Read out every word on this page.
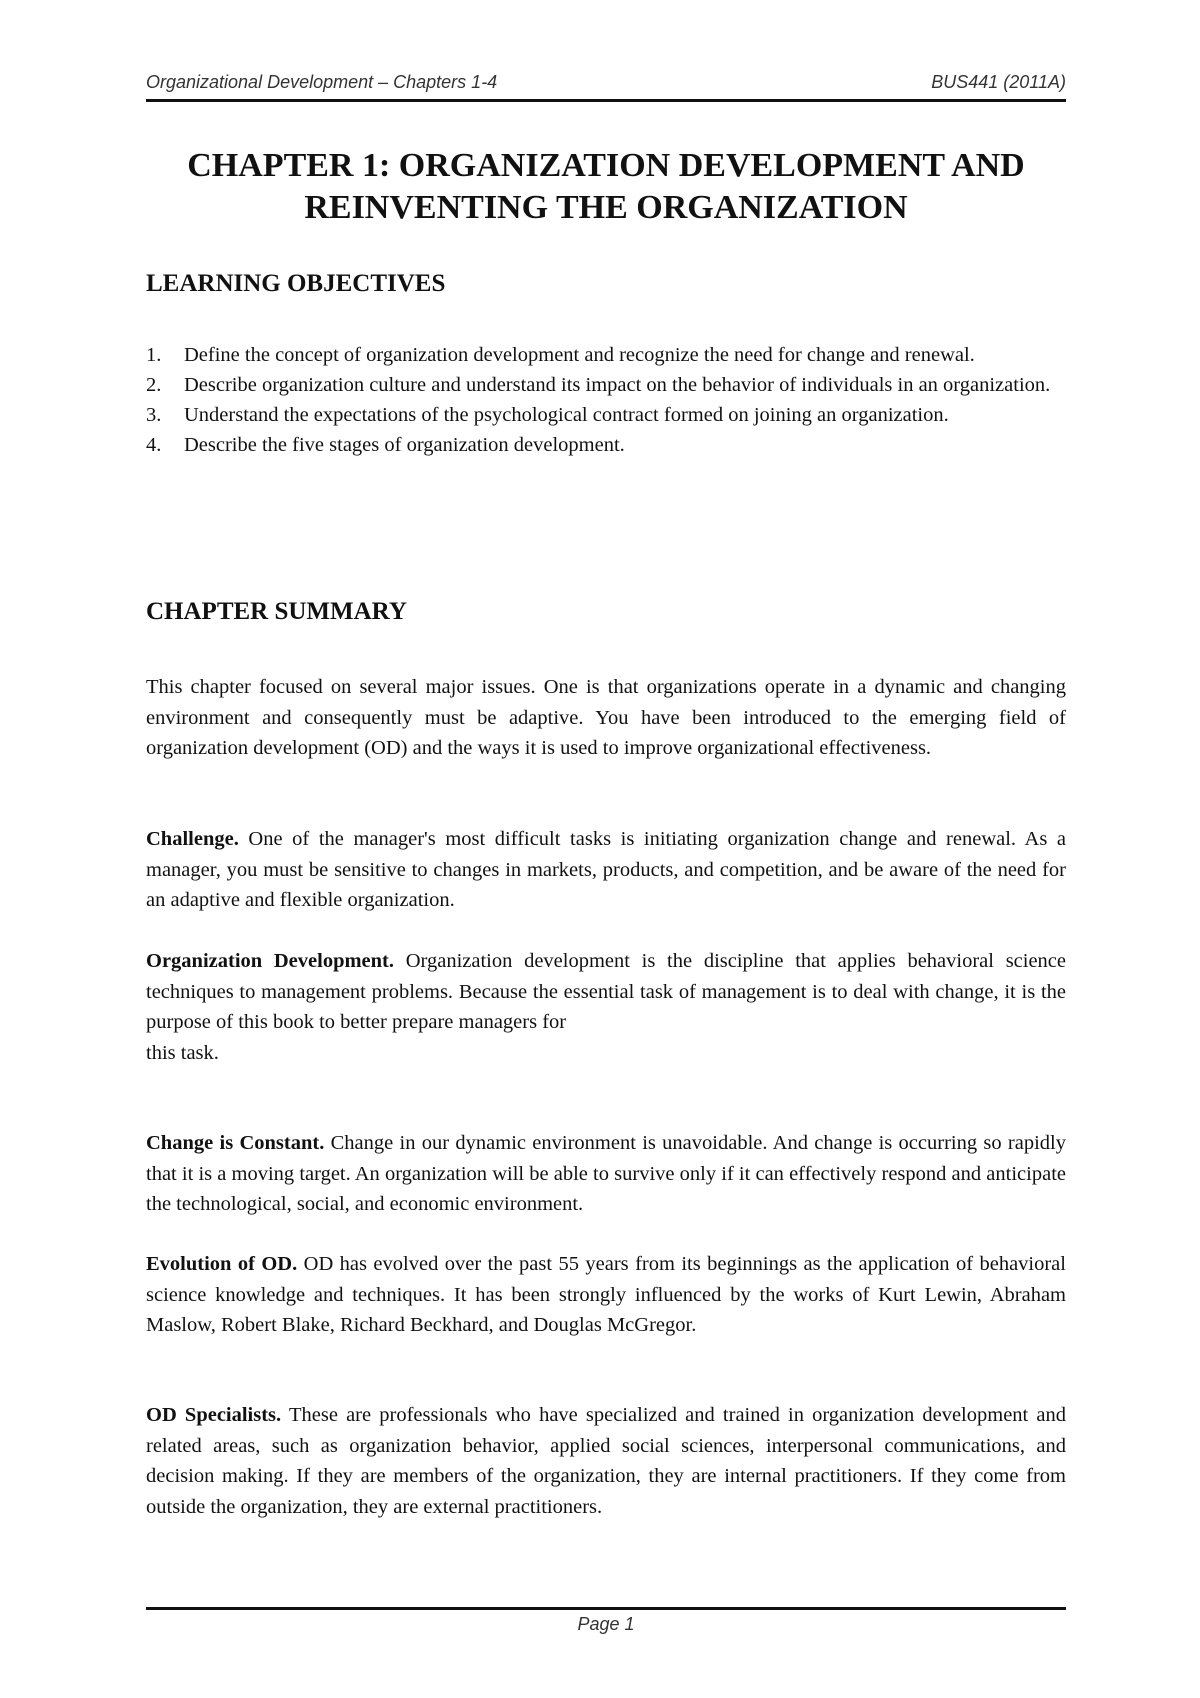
Organizational Development – Chapters 1-4	BUS441 (2011A)
CHAPTER 1: ORGANIZATION DEVELOPMENT AND
REINVENTING THE ORGANIZATION
LEARNING OBJECTIVES
1. Define the concept of organization development and recognize the need for change and renewal.
2. Describe organization culture and understand its impact on the behavior of individuals in an organization.
3. Understand the expectations of the psychological contract formed on joining an organization.
4. Describe the five stages of organization development.
CHAPTER SUMMARY

This chapter focused on several major issues. One is that organizations operate in a dynamic and changing environment and consequently must be adaptive. You have been introduced to the emerging field of organization development (OD) and the ways it is used to improve organizational effectiveness.

Challenge. One of the manager's most difficult tasks is initiating organization change and renewal. As a manager, you must be sensitive to changes in markets, products, and competition, and be aware of the need for an adaptive and flexible organization.

Organization Development. Organization development is the discipline that applies behavioral science techniques to management problems. Because the essential task of management is to deal with change, it is the purpose of this book to better prepare managers for
this task.

Change is Constant. Change in our dynamic environment is unavoidable. And change is occurring so rapidly that it is a moving target. An organization will be able to survive only if it can effectively respond and anticipate the technological, social, and economic environment.

Evolution of OD. OD has evolved over the past 55 years from its beginnings as the application of behavioral science knowledge and techniques. It has been strongly influenced by the works of Kurt Lewin, Abraham Maslow, Robert Blake, Richard Beckhard, and Douglas McGregor.

OD Specialists. These are professionals who have specialized and trained in organization development and related areas, such as organization behavior, applied social sciences, interpersonal communications, and decision making. If they are members of the organization, they are internal practitioners. If they come from outside the organization, they are external practitioners.

Page 1
